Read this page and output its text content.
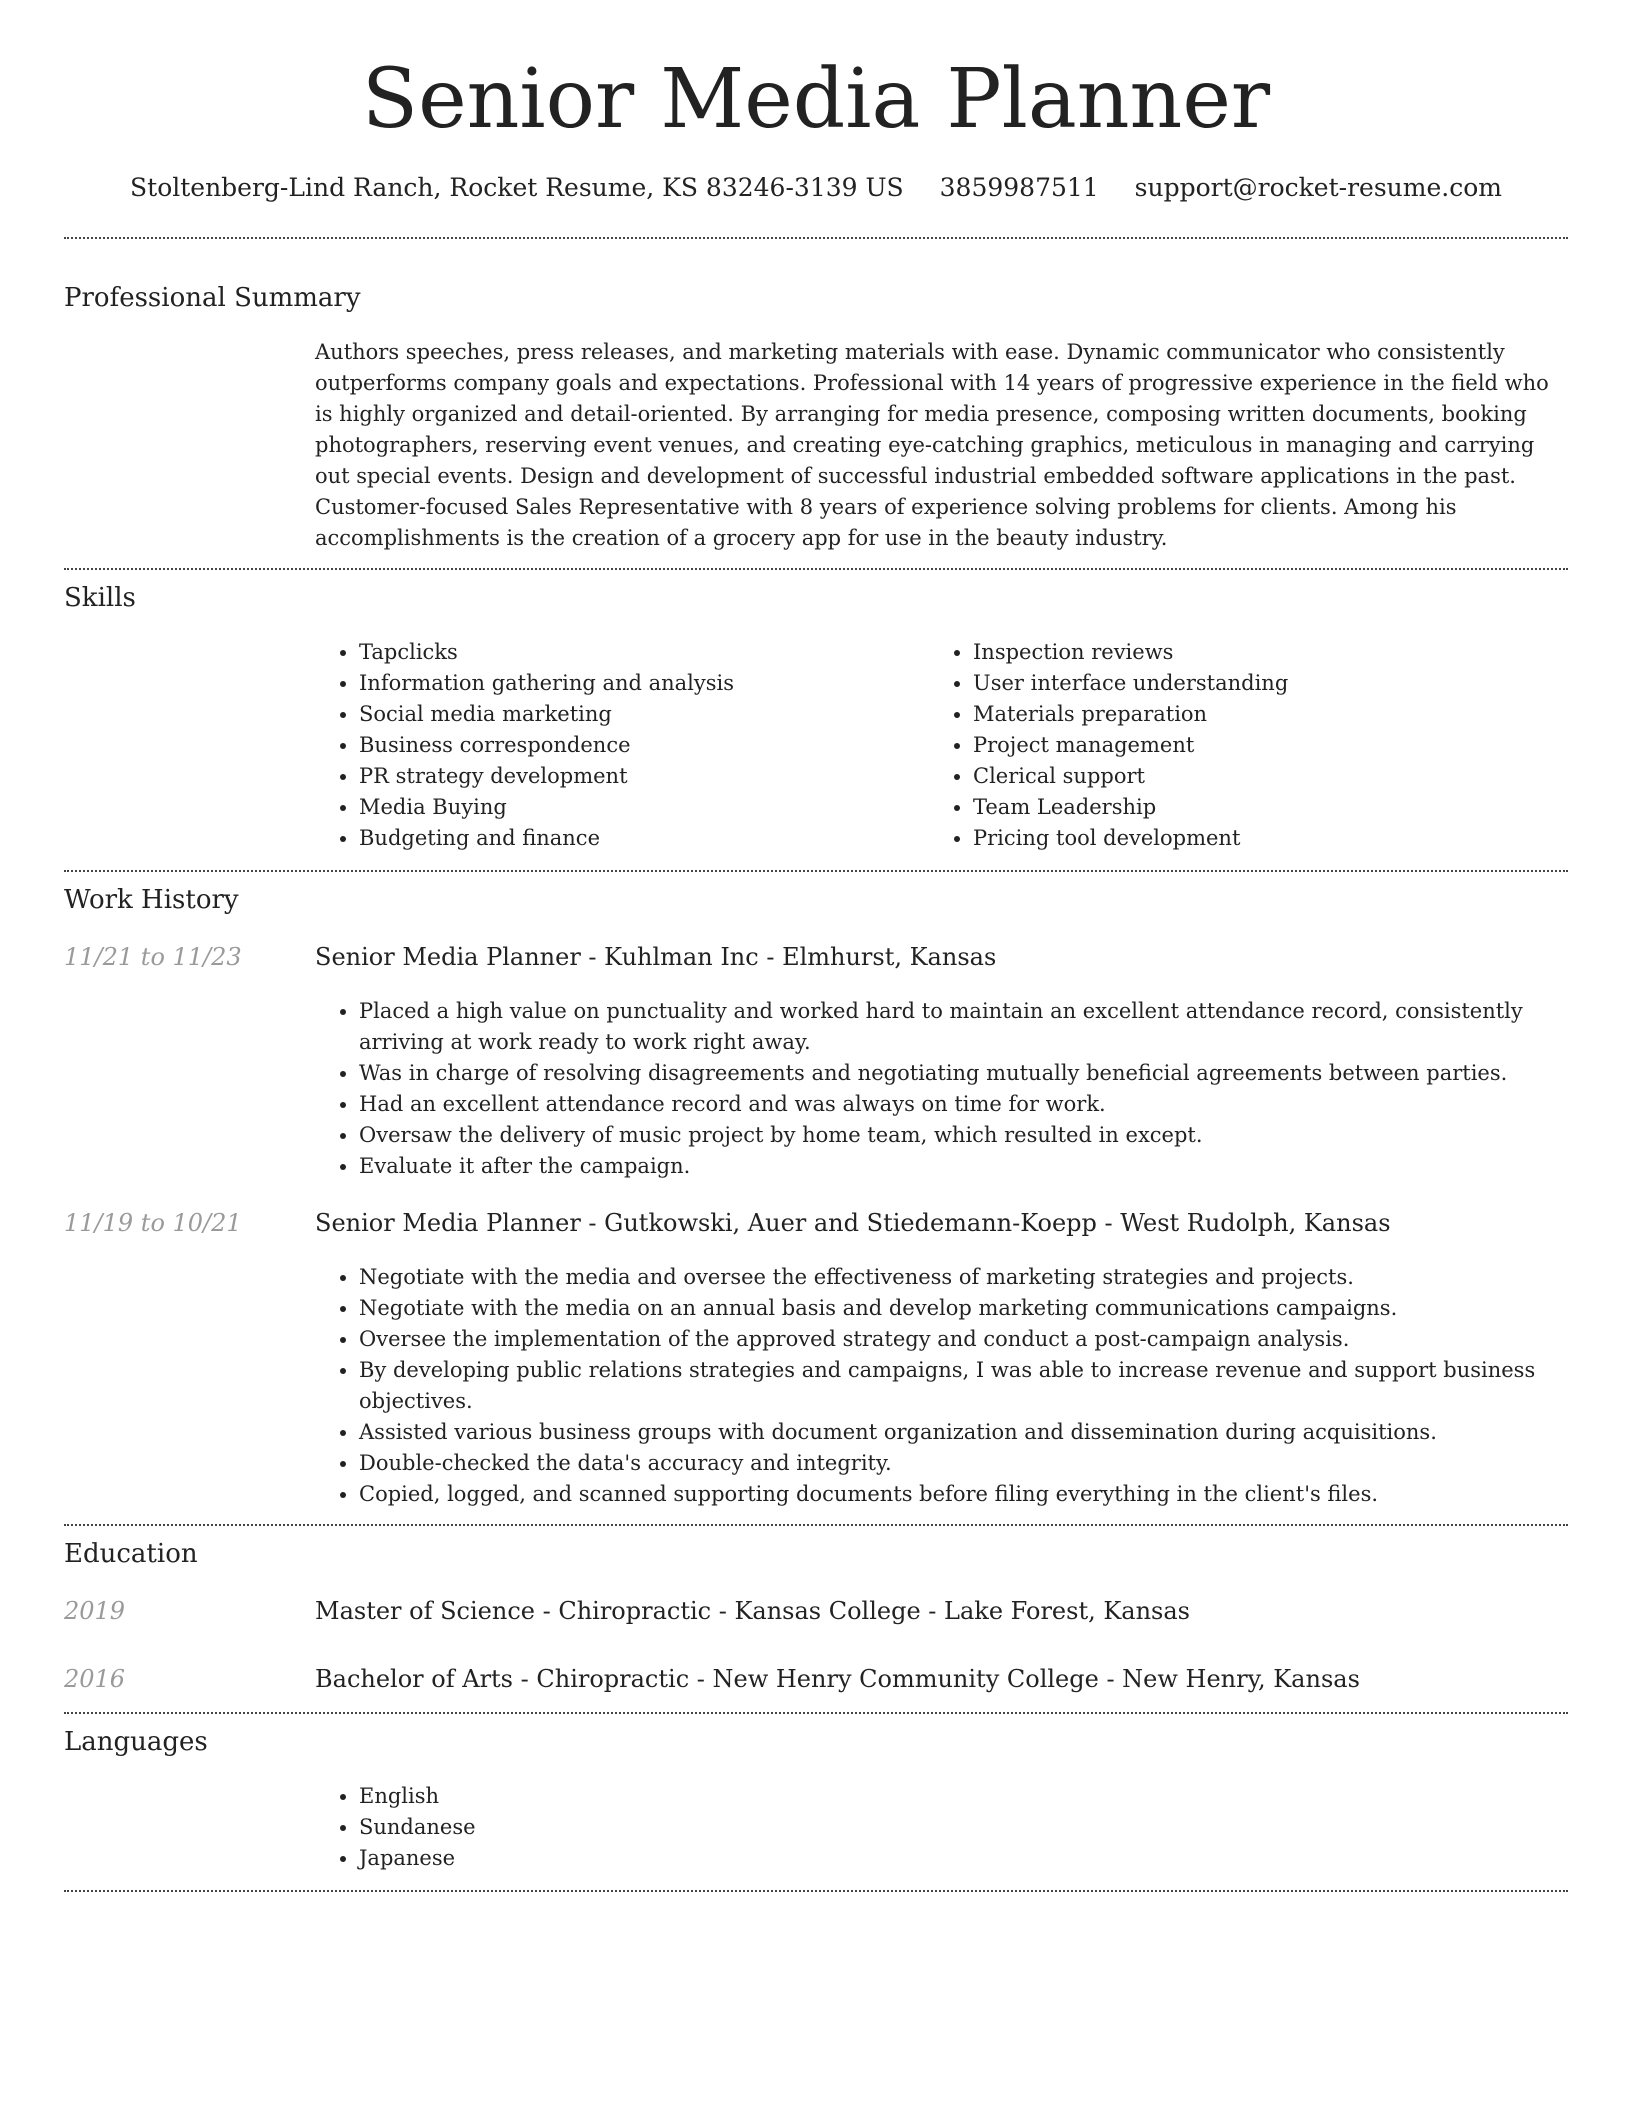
Senior Media Planner
Stoltenberg-Lind Ranch, Rocket Resume, KS 83246-3139 US 3859987511 support@rocket-resume.com
Professional Summary
Authors speeches, press releases, and marketing materials with ease. Dynamic communicator who consistently outperforms company goals and expectations. Professional with 14 years of progressive experience in the field who is highly organized and detail-oriented. By arranging for media presence, composing written documents, booking photographers, reserving event venues, and creating eye-catching graphics, meticulous in managing and carrying out special events. Design and development of successful industrial embedded software applications in the past. Customer-focused Sales Representative with 8 years of experience solving problems for clients. Among his accomplishments is the creation of a grocery app for use in the beauty industry.
Skills
• Tapclicks
• Information gathering and analysis
• Social media marketing
• Business correspondence
• PR strategy development
• Media Buying
• Budgeting and finance
• Inspection reviews
• User interface understanding
• Materials preparation
• Project management
• Clerical support
• Team Leadership
• Pricing tool development
Work History
11/21 to 11/23	Senior Media Planner - Kuhlman Inc - Elmhurst, Kansas
• Placed a high value on punctuality and worked hard to maintain an excellent attendance record, consistently arriving at work ready to work right away.
• Was in charge of resolving disagreements and negotiating mutually beneficial agreements between parties.
• Had an excellent attendance record and was always on time for work.
• Oversaw the delivery of music project by home team, which resulted in except.
• Evaluate it after the campaign.
11/19 to 10/21	Senior Media Planner - Gutkowski, Auer and Stiedemann-Koepp - West Rudolph, Kansas
• Negotiate with the media and oversee the effectiveness of marketing strategies and projects.
• Negotiate with the media on an annual basis and develop marketing communications campaigns.
• Oversee the implementation of the approved strategy and conduct a post-campaign analysis.
• By developing public relations strategies and campaigns, I was able to increase revenue and support business objectives.
• Assisted various business groups with document organization and dissemination during acquisitions.
• Double-checked the data's accuracy and integrity.
• Copied, logged, and scanned supporting documents before filing everything in the client's files.
Education
2019	Master of Science - Chiropractic - Kansas College - Lake Forest, Kansas
2016	Bachelor of Arts - Chiropractic - New Henry Community College - New Henry, Kansas
Languages
• English
• Sundanese
• Japanese
